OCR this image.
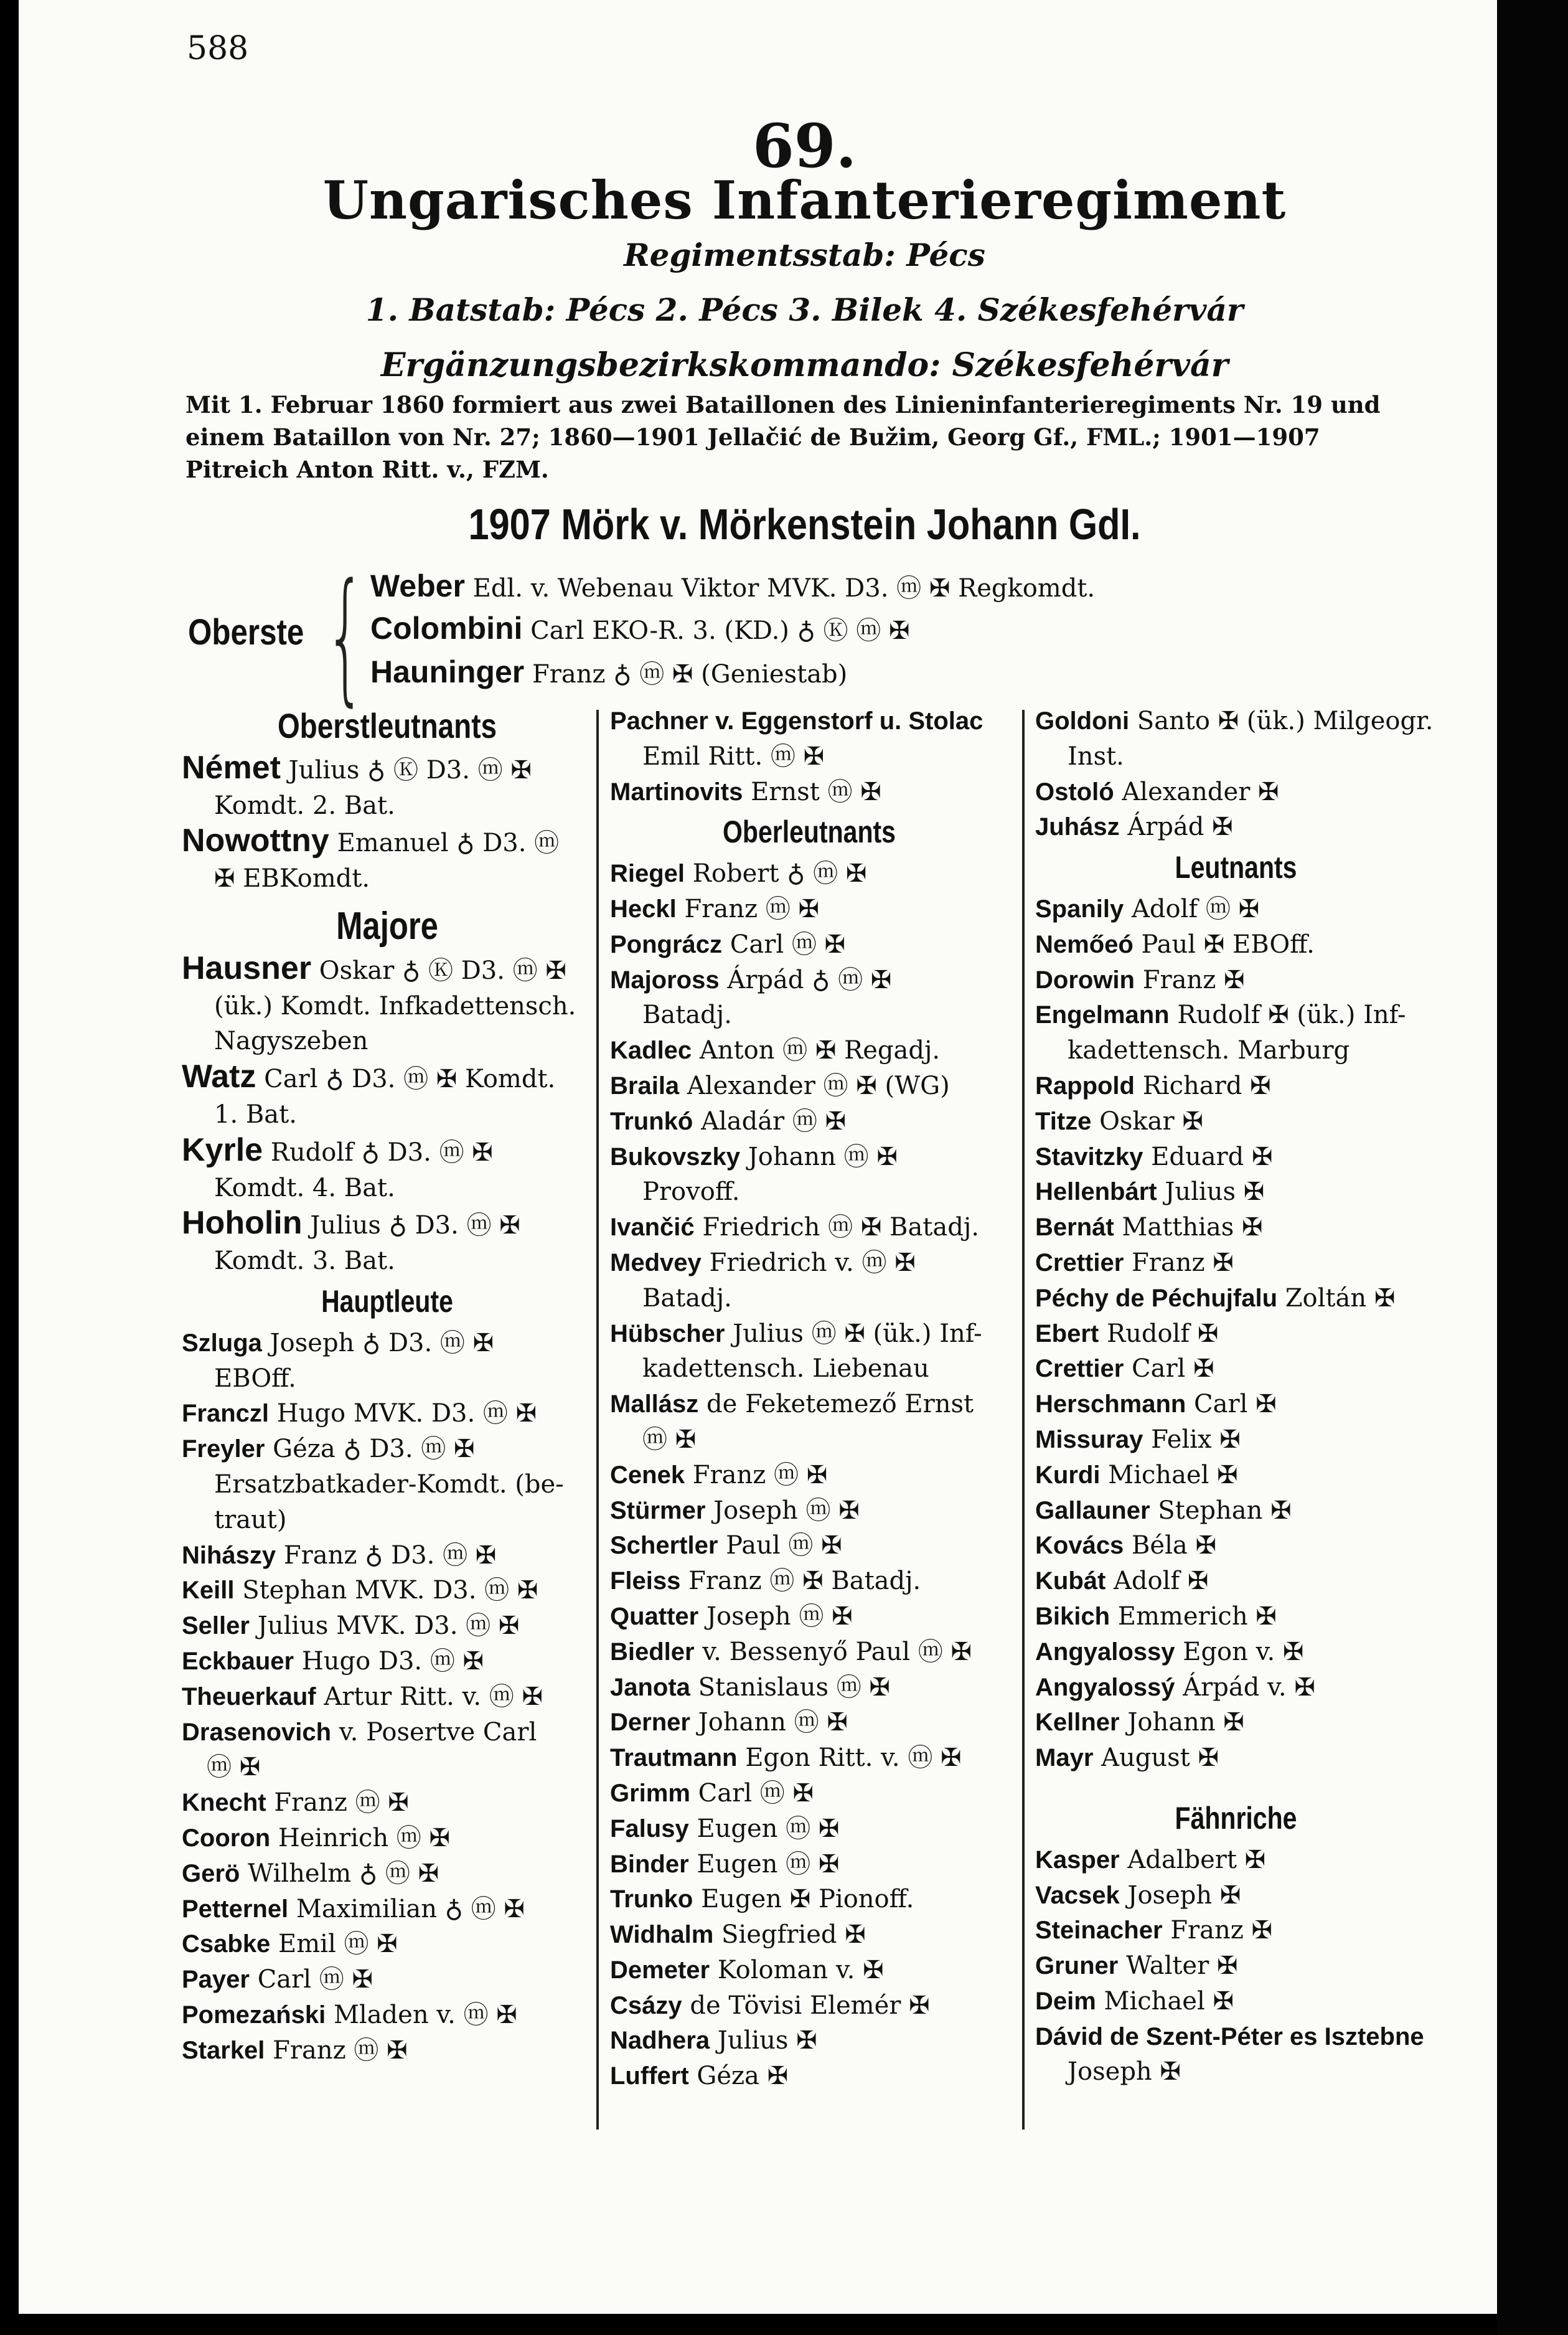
588
69.
Ungarisches Infanterieregiment
Regimentsstab: Pécs
1. Batstab: Pécs 2. Pécs 3. Bilek 4. Székesfehérvár
Ergänzungsbezirkskommando: Székesfehérvár
Mit 1. Februar 1860 formiert aus zwei Bataillonen des Linieninfanterieregiments Nr. 19 und
einem Bataillon von Nr. 27; 1860—1901 Jellačić de Bužim, Georg Gf., FML.; 1901—1907
Pitreich Anton Ritt. v., FZM.
1907 Mörk v. Mörkenstein Johann GdI.
Oberste { Weber Edl. v. Webenau Viktor MVK. D3. ⓜ ✠ Regkomdt.
Colombini Carl EKO-R. 3. (KD.) ♁ Ⓚ ⓜ ✠
Hauninger Franz ♁ ⓜ ✠ (Geniestab)
Oberstleutnants
Német Julius ♁ Ⓚ D3. ⓜ ✠
Komdt. 2. Bat.
Nowottny Emanuel ♁ D3. ⓜ
✠ EBKomdt.
Majore
Hausner Oskar ♁ Ⓚ D3. ⓜ ✠
(ük.) Komdt. Infkadettensch.
Nagyszeben
Watz Carl ♁ D3. ⓜ ✠ Komdt.
1. Bat.
Kyrle Rudolf ♁ D3. ⓜ ✠
Komdt. 4. Bat.
Hoholin Julius ♁ D3. ⓜ ✠
Komdt. 3. Bat.
Hauptleute
Szluga Joseph ♁ D3. ⓜ ✠
EBOff.
Franczl Hugo MVK. D3. ⓜ ✠
Freyler Géza ♁ D3. ⓜ ✠
Ersatzbatkader-Komdt. (be-
traut)
Nihászy Franz ♁ D3. ⓜ ✠
Keill Stephan MVK. D3. ⓜ ✠
Seller Julius MVK. D3. ⓜ ✠
Eckbauer Hugo D3. ⓜ ✠
Theuerkauf Artur Ritt. v. ⓜ ✠
Drasenovich v. Posertve Carl
ⓜ ✠
Knecht Franz ⓜ ✠
Cooron Heinrich ⓜ ✠
Gerö Wilhelm ♁ ⓜ ✠
Petternel Maximilian ♁ ⓜ ✠
Csabke Emil ⓜ ✠
Payer Carl ⓜ ✠
Pomezański Mladen v. ⓜ ✠
Starkel Franz ⓜ ✠
Pachner v. Eggenstorf u. Stolac
Emil Ritt. ⓜ ✠
Martinovits Ernst ⓜ ✠
Oberleutnants
Riegel Robert ♁ ⓜ ✠
Heckl Franz ⓜ ✠
Pongrácz Carl ⓜ ✠
Majoross Árpád ♁ ⓜ ✠
Batadj.
Kadlec Anton ⓜ ✠ Regadj.
Braila Alexander ⓜ ✠ (WG)
Trunkó Aladár ⓜ ✠
Bukovszky Johann ⓜ ✠
Provoff.
Ivančić Friedrich ⓜ ✠ Batadj.
Medvey Friedrich v. ⓜ ✠
Batadj.
Hübscher Julius ⓜ ✠ (ük.) Inf-
kadettensch. Liebenau
Mallász de Feketemező Ernst
ⓜ ✠
Cenek Franz ⓜ ✠
Stürmer Joseph ⓜ ✠
Schertler Paul ⓜ ✠
Fleiss Franz ⓜ ✠ Batadj.
Quatter Joseph ⓜ ✠
Biedler v. Bessenyő Paul ⓜ ✠
Janota Stanislaus ⓜ ✠
Derner Johann ⓜ ✠
Trautmann Egon Ritt. v. ⓜ ✠
Grimm Carl ⓜ ✠
Falusy Eugen ⓜ ✠
Binder Eugen ⓜ ✠
Trunko Eugen ✠ Pionoff.
Widhalm Siegfried ✠
Demeter Koloman v. ✠
Csázy de Tövisi Elemér ✠
Nadhera Julius ✠
Luffert Géza ✠
Goldoni Santo ✠ (ük.) Milgeogr.
Inst.
Ostoló Alexander ✠
Juhász Árpád ✠
Leutnants
Spanily Adolf ⓜ ✠
Nemőeó Paul ✠ EBOff.
Dorowin Franz ✠
Engelmann Rudolf ✠ (ük.) Inf-
kadettensch. Marburg
Rappold Richard ✠
Titze Oskar ✠
Stavitzky Eduard ✠
Hellenbárt Julius ✠
Bernát Matthias ✠
Crettier Franz ✠
Péchy de Péchujfalu Zoltán ✠
Ebert Rudolf ✠
Crettier Carl ✠
Herschmann Carl ✠
Missuray Felix ✠
Kurdi Michael ✠
Gallauner Stephan ✠
Kovács Béla ✠
Kubát Adolf ✠
Bikich Emmerich ✠
Angyalossy Egon v. ✠
Angyalossý Árpád v. ✠
Kellner Johann ✠
Mayr August ✠
Fähnriche
Kasper Adalbert ✠
Vacsek Joseph ✠
Steinacher Franz ✠
Gruner Walter ✠
Deim Michael ✠
Dávid de Szent-Péter es Isztebne
Joseph ✠
